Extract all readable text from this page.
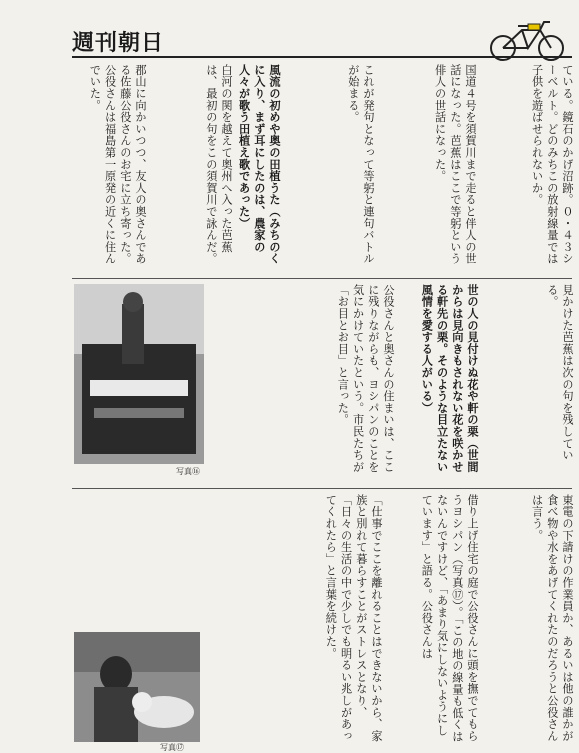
週刊朝日

ている。鏡石のかげ沼跡。０・４３シーベルト。どのみちこの放射線量では子供を遊ばせられないか。

国道４号を須賀川まで走ると伴人の世話になった。芭蕉はここで等躬という俳人の世話になった。

これが発句となって等躬と連句バトルが始まる。

風流の初めや奥の田植うた（みちのくに入り、まず耳にしたのは、農家の人々が歌う田植え歌であった）

白河の関を越えて奥州へ入った芭蕉は、最初の句をこの須賀川で詠んだ。

郡山に向かいつつ、友人の奥さんである佐藤公役さんのお宅に立ち寄った。公役さんは福島第一原発の近くに住んでいた。

見かけた芭蕉は次の句を残している。

世の人の見付けぬ花や軒の栗（世間からは見向きもされない花を咲かせる軒先の栗。そのような目立たない風情を愛する人がいる）

公役さんと奥さんの住まいは、ここに残りながらも、ヨシパンのことを気にかけていたという。市民たちが「お目とお目」と言った。

写真⑯

東電の下請けの作業員か、あるいは他の誰かが食べ物や水をあげてくれたのだろうと公役さんは言う。

借り上げ住宅の庭で公役さんに頭を撫でてもらうヨシパン（写真⑰）。「この地の線量も低くはないんですけど、「あまり気にしないようにしています」と語る。公役さんは

「仕事でここを離れることはできないから、家族と別れて暮らすことがストレスとなり、「日々の生活の中で少しでも明るい兆しがあってくれたら」と言葉を続けた。

写真⑰
